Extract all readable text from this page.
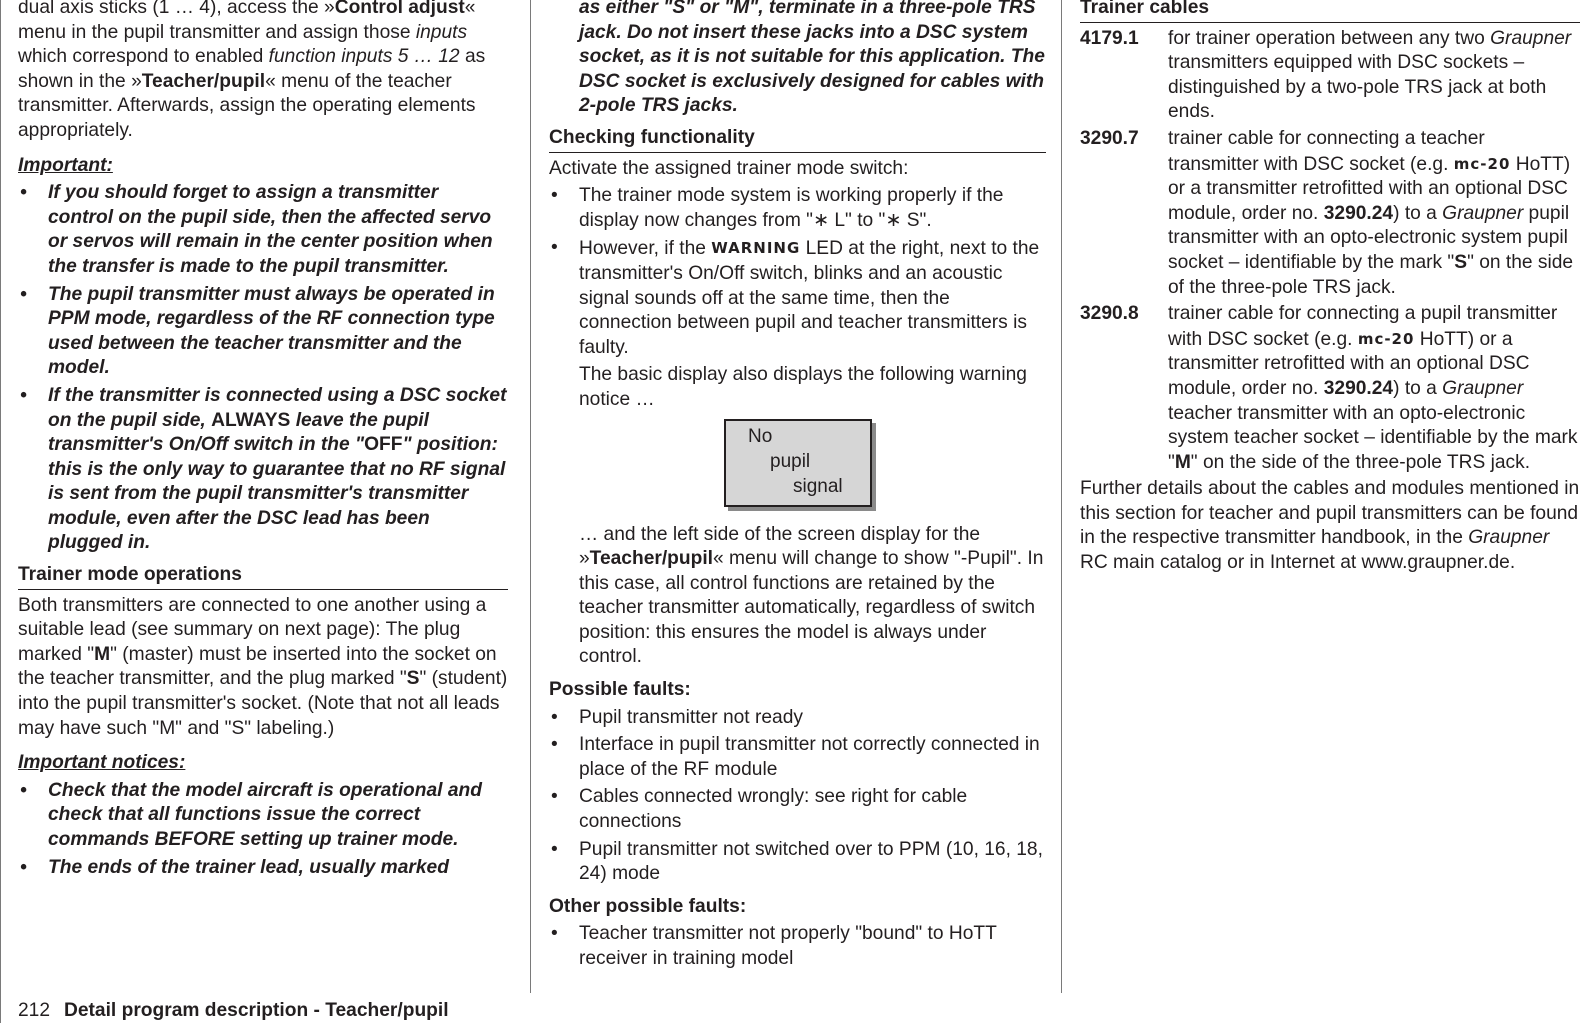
dual axis sticks (1 … 4), access the »Control adjust« menu in the pupil transmitter and assign those inputs which correspond to enabled function inputs 5 … 12 as shown in the »Teacher/pupil« menu of the teacher transmitter. Afterwards, assign the operating elements appropriately.

Important:

• If you should forget to assign a transmitter control on the pupil side, then the affected servo or servos will remain in the center position when the transfer is made to the pupil transmitter.
• The pupil transmitter must always be operated in PPM mode, regardless of the RF connection type used between the teacher transmitter and the model.
• If the transmitter is connected using a DSC socket on the pupil side, ALWAYS leave the pupil transmitter's On/Off switch in the "OFF" position: this is the only way to guarantee that no RF signal is sent from the pupil transmitter's transmitter module, even after the DSC lead has been plugged in.

Trainer mode operations

Both transmitters are connected to one another using a suitable lead (see summary on next page): The plug marked "M" (master) must be inserted into the socket on the teacher transmitter, and the plug marked "S" (student) into the pupil transmitter's socket. (Note that not all leads may have such "M" and "S" labeling.)

Important notices:

• Check that the model aircraft is operational and check that all functions issue the correct commands BEFORE setting up trainer mode.
• The ends of the trainer lead, usually marked

as either "S" or "M", terminate in a three-pole TRS jack. Do not insert these jacks into a DSC system socket, as it is not suitable for this application. The DSC socket is exclusively designed for cables with 2-pole TRS jacks.

Checking functionality

Activate the assigned trainer mode switch:

• The trainer mode system is working properly if the display now changes from "∗ L" to "∗ S".
• However, if the WARNING LED at the right, next to the transmitter's On/Off switch, blinks and an acoustic signal sounds off at the same time, then the connection between pupil and teacher transmitters is faulty.

The basic display also displays the following warning notice …

No
pupil
signal

… and the left side of the screen display for the »Teacher/pupil« menu will change to show "-Pupil". In this case, all control functions are retained by the teacher transmitter automatically, regardless of switch position: this ensures the model is always under control.

Possible faults:

• Pupil transmitter not ready
• Interface in pupil transmitter not correctly connected in place of the RF module
• Cables connected wrongly: see right for cable connections
• Pupil transmitter not switched over to PPM (10, 16, 18, 24) mode

Other possible faults:

• Teacher transmitter not properly "bound" to HoTT receiver in training model

Trainer cables

4179.1	for trainer operation between any two Graupner transmitters equipped with DSC sockets – distinguished by a two-pole TRS jack at both ends.
3290.7	trainer cable for connecting a teacher transmitter with DSC socket (e.g. mc-20 HoTT) or a transmitter retrofitted with an optional DSC module, order no. 3290.24) to a Graupner pupil transmitter with an opto-electronic system pupil socket – identifiable by the mark "S" on the side of the three-pole TRS jack.
3290.8	trainer cable for connecting a pupil transmitter with DSC socket (e.g. mc-20 HoTT) or a transmitter retrofitted with an optional DSC module, order no. 3290.24) to a Graupner teacher transmitter with an opto-electronic system teacher socket – identifiable by the mark "M" on the side of the three-pole TRS jack.

Further details about the cables and modules mentioned in this section for teacher and pupil transmitters can be found in the respective transmitter handbook, in the Graupner RC main catalog or in Internet at www.graupner.de.

212 Detail program description - Teacher/pupil
